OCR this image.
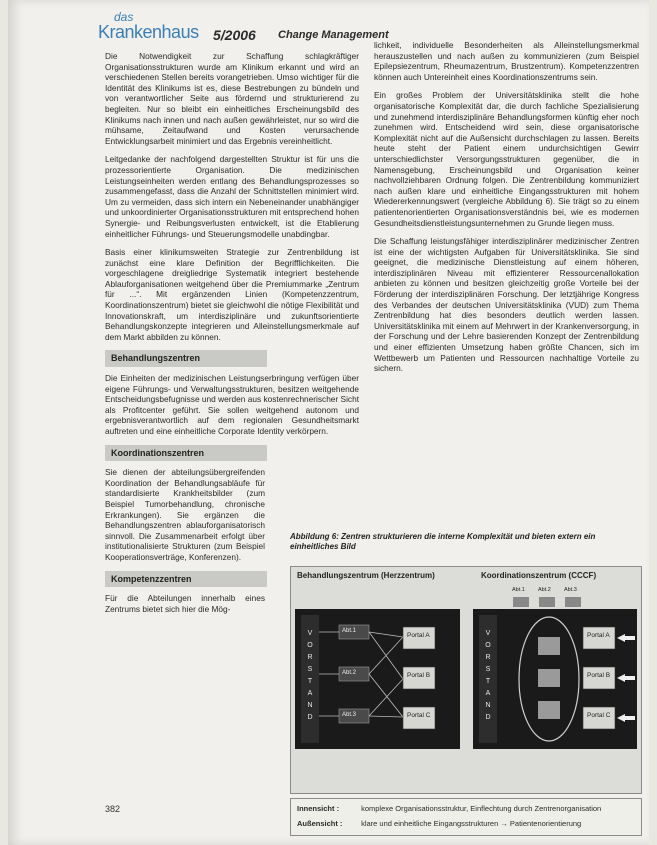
das
Krankenhaus 5/2006 Change Management

Die Notwendigkeit zur Schaffung schlagkräftiger Organisationsstrukturen wurde am Klinikum erkannt und wird an verschiedenen Stellen bereits vorangetrieben. Umso wichtiger für die Identität des Klinikums ist es, diese Bestrebungen zu bündeln und von verantwortlicher Seite aus fördernd und strukturierend zu begleiten. Nur so bleibt ein einheitliches Erscheinungsbild des Klinikums nach innen und nach außen gewährleistet, nur so wird die mühsame, Zeitaufwand und Kosten verursachende Entwicklungsarbeit minimiert und das Ergebnis vereinheitlicht.

Leitgedanke der nachfolgend dargestellten Struktur ist für uns die prozessorientierte Organisation. Die medizinischen Leistungseinheiten werden entlang des Behandlungsprozesses so zusammengefasst, dass die Anzahl der Schnittstellen minimiert wird. Um zu vermeiden, dass sich intern ein Nebeneinander unabhängiger und unkoordinierter Organisationsstrukturen mit entsprechend hohen Synergie- und Reibungsverlusten entwickelt, ist die Etablierung einheitlicher Führungs- und Steuerungsmodelle unabdingbar.

Basis einer klinikumsweiten Strategie zur Zentrenbildung ist zunächst eine klare Definition der Begrifflichkeiten. Die vorgeschlagene dreigliedrige Systematik integriert bestehende Ablauforganisationen weitgehend über die Premiummarke „Zentrum für ...“. Mit ergänzenden Linien (Kompetenzzentrum, Koordinationszentrum) bietet sie gleichwohl die nötige Flexibilität und Innovationskraft, um interdisziplinäre und zukunftsorientierte Behandlungskonzepte integrieren und Alleinstellungsmerkmale auf dem Markt abbilden zu können.

Behandlungszentren

Die Einheiten der medizinischen Leistungserbringung verfügen über eigene Führungs- und Verwaltungsstrukturen, besitzen weitgehende Entscheidungsbefugnisse und werden aus kostenrechnerischer Sicht als Profitcenter geführt. Sie sollen weitgehend autonom und ergebnisverantwortlich auf dem regionalen Gesundheitsmarkt auftreten und eine einheitliche Corporate Identity verkörpern.

Koordinationszentren

Sie dienen der abteilungsübergreifenden Koordination der Behandlungsabläufe für standardisierte Krankheitsbilder (zum Beispiel Tumorbehandlung, chronische Erkrankungen). Sie ergänzen die Behandlungszentren ablauforganisatorisch sinnvoll. Die Zusammenarbeit erfolgt über institutionalisierte Strukturen (zum Beispiel Kooperationsverträge, Konferenzen).

Kompetenzzentren

Für die Abteilungen innerhalb eines Zentrums bietet sich hier die Mög-

lichkeit, individuelle Besonderheiten als Alleinstellungsmerkmal herauszustellen und nach außen zu kommunizieren (zum Beispiel Epilepsiezentrum, Rheumazentrum, Brustzentrum). Kompetenzzentren können auch Untereinheit eines Koordinationszentrums sein.

Ein großes Problem der Universitätsklinika stellt die hohe organisatorische Komplexität dar, die durch fachliche Spezialisierung und zunehmend interdisziplinäre Behandlungsformen künftig eher noch zunehmen wird. Entscheidend wird sein, diese organisatorische Komplexität nicht auf die Außensicht durchschlagen zu lassen. Bereits heute steht der Patient einem undurchsichtigen Gewirr unterschiedlichster Versorgungsstrukturen gegenüber, die in Namensgebung, Erscheinungsbild und Organisation keiner nachvollziehbaren Ordnung folgen. Die Zentrenbildung kommuniziert nach außen klare und einheitliche Eingangsstrukturen mit hohem Wiedererkennungswert (vergleiche Abbildung 6). Sie trägt so zu einem patientenorientierten Organisationsverständnis bei, wie es modernen Gesundheitsdienstleistungsunternehmen zu Grunde liegen muss.

Die Schaffung leistungsfähiger interdisziplinärer medizinischer Zentren ist eine der wichtigsten Aufgaben für Universitätsklinika. Sie sind geeignet, die medizinische Dienstleistung auf einem höheren, interdisziplinären Niveau mit effizienterer Ressourcenallokation anbieten zu können und besitzen gleichzeitig große Vorteile bei der Förderung der interdisziplinären Forschung. Der letztjährige Kongress des Verbandes der deutschen Universitätsklinika (VUD) zum Thema Zentrenbildung hat dies besonders deutlich werden lassen. Universitätsklinika mit einem auf Mehrwert in der Krankenversorgung, in der Forschung und der Lehre basierenden Konzept der Zentrenbildung und einer effizienten Umsetzung haben größte Chancen, sich im Wettbewerb um Patienten und Ressourcen nachhaltige Vorteile zu sichern.

Abbildung 6: Zentren strukturieren die interne Komplexität und bieten extern ein einheitliches Bild
Behandlungszentrum (Herzzentrum)	Koordinationszentrum (CCCF)
V
O
R
S
T
A
N
D
V
O
R
S
T
A
N
D
Abt.1
Abt.2
Abt.3
Portal A
Portal B
Portal C
Portal A
Portal B
Portal C
Abt.1 Abt.2 Abt.3
Innensicht :	komplexe Organisationsstruktur, Einflechtung durch Zentrenorganisation
Außensicht : klare und einheitliche Eingangsstrukturen → Patientenorientierung
382
